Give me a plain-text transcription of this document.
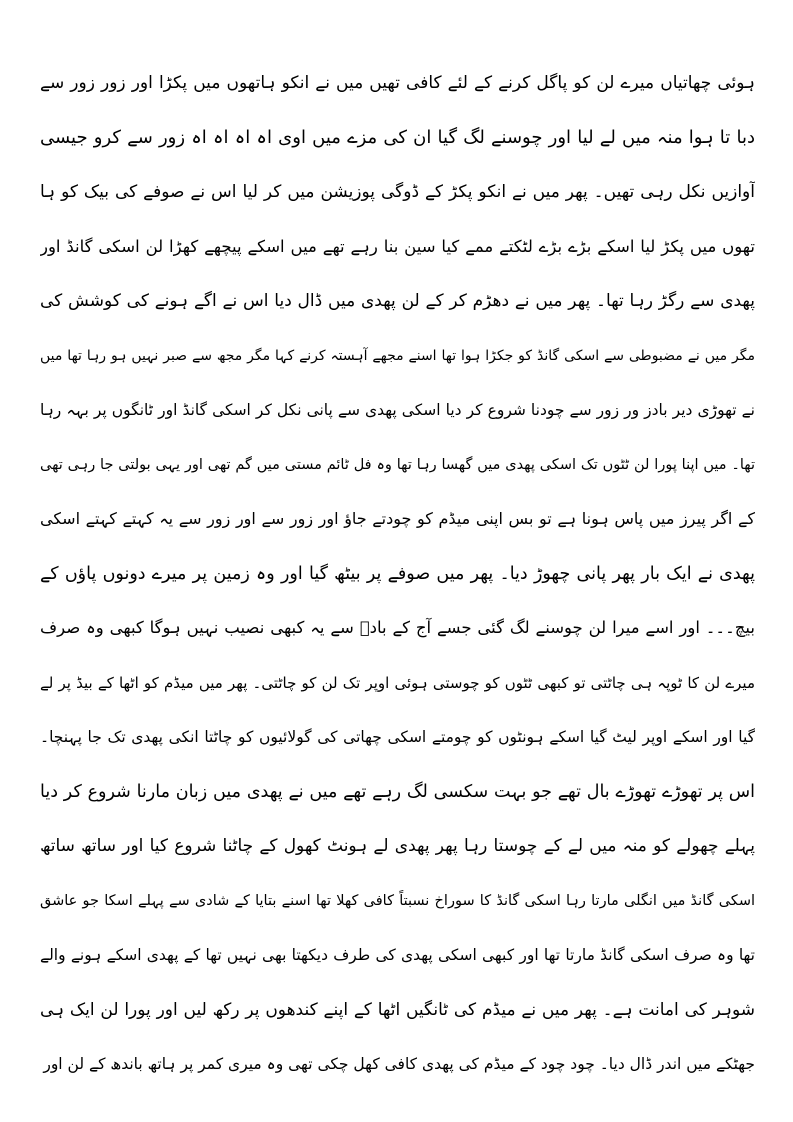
ہوئی چھاتیاں میرے لن کو پاگل کرنے کے لئے کافی تھیں میں نے انکو ہاتھوں میں پکڑا اور زور زور سے
دبا تا ہوا منہ میں لے لیا اور چوسنے لگ گیا ان کی مزے میں اوی اہ اہ اہ اہ زور سے کرو جیسی
آوازیں نکل رہی تھیں۔ پھر میں نے انکو پکڑ کے ڈوگی پوزیشن میں کر لیا اس نے صوفے کی بیک کو ہا
تھوں میں پکڑ لیا اسکے بڑے بڑے لٹکتے ممے کیا سین بنا رہے تھے میں اسکے پیچھے کھڑا لن اسکی گانڈ اور
پھدی سے رگڑ رہا تھا۔ پھر میں نے دھڑم کر کے لن پھدی میں ڈال دیا اس نے اگے ہونے کی کوشش کی
مگر میں نے مضبوطی سے اسکی گانڈ کو جکڑا ہوا تھا اسنے مجھے آہستہ کرنے کہا مگر مجھ سے صبر نہیں ہو رہا تھا میں
نے تھوڑی دیر بادز ور زور سے چودنا شروع کر دیا اسکی پھدی سے پانی نکل کر اسکی گانڈ اور ٹانگوں پر بہہ رہا
تھا۔ میں اپنا پورا لن ٹٹوں تک اسکی پھدی میں گھسا رہا تھا وہ فل ٹائم مستی میں گم تھی اور یہی بولتی جا رہی تھی
کے اگر پیرز میں پاس ہونا ہے تو بس اپنی میڈم کو چودتے جاؤ اور زور سے اور زور سے یہ کہتے کہتے اسکی
پھدی نے ایک بار پھر پانی چھوڑ دیا۔ پھر میں صوفے پر بیٹھ گیا اور وہ زمین پر میرے دونوں پاؤں کے
بیچ۔۔۔ اور اسے میرا لن چوسنے لگ گئی جسے آج کے بادؔ سے یہ کبھی نصیب نہیں ہوگا کبھی وہ صرف
میرے لن کا ٹوپہ ہی چاٹتی تو کبھی ٹٹوں کو چوستی ہوئی اوپر تک لن کو چاٹتی۔ پھر میں میڈم کو اٹھا کے بیڈ پر لے
گیا اور اسکے اوپر لیٹ گیا اسکے ہونٹوں کو چومتے اسکی چھاتی کی گولائیوں کو چاٹتا انکی پھدی تک جا پہنچا۔
اس پر تھوڑے تھوڑے بال تھے جو بہت سکسی لگ رہے تھے میں نے پھدی میں زبان مارنا شروع کر دیا
پہلے چھولے کو منہ میں لے کے چوستا رہا پھر پھدی لے ہونٹ کھول کے چاٹنا شروع کیا اور ساتھ ساتھ
اسکی گانڈ میں انگلی مارتا رہا اسکی گانڈ کا سوراخ نسبتاً کافی کھلا تھا اسنے بتایا کے شادی سے پہلے اسکا جو عاشق
تھا وہ صرف اسکی گانڈ مارتا تھا اور کبھی اسکی پھدی کی طرف دیکھتا بھی نہیں تھا کے پھدی اسکے ہونے والے
شوہر کی امانت ہے۔ پھر میں نے میڈم کی ٹانگیں اٹھا کے اپنے کندھوں پر رکھ لیں اور پورا لن ایک ہی
جھٹکے میں اندر ڈال دیا۔ چود چود کے میڈم کی پھدی کافی کھل چکی تھی وہ میری کمر پر ہاتھ باندھ کے لن اور
